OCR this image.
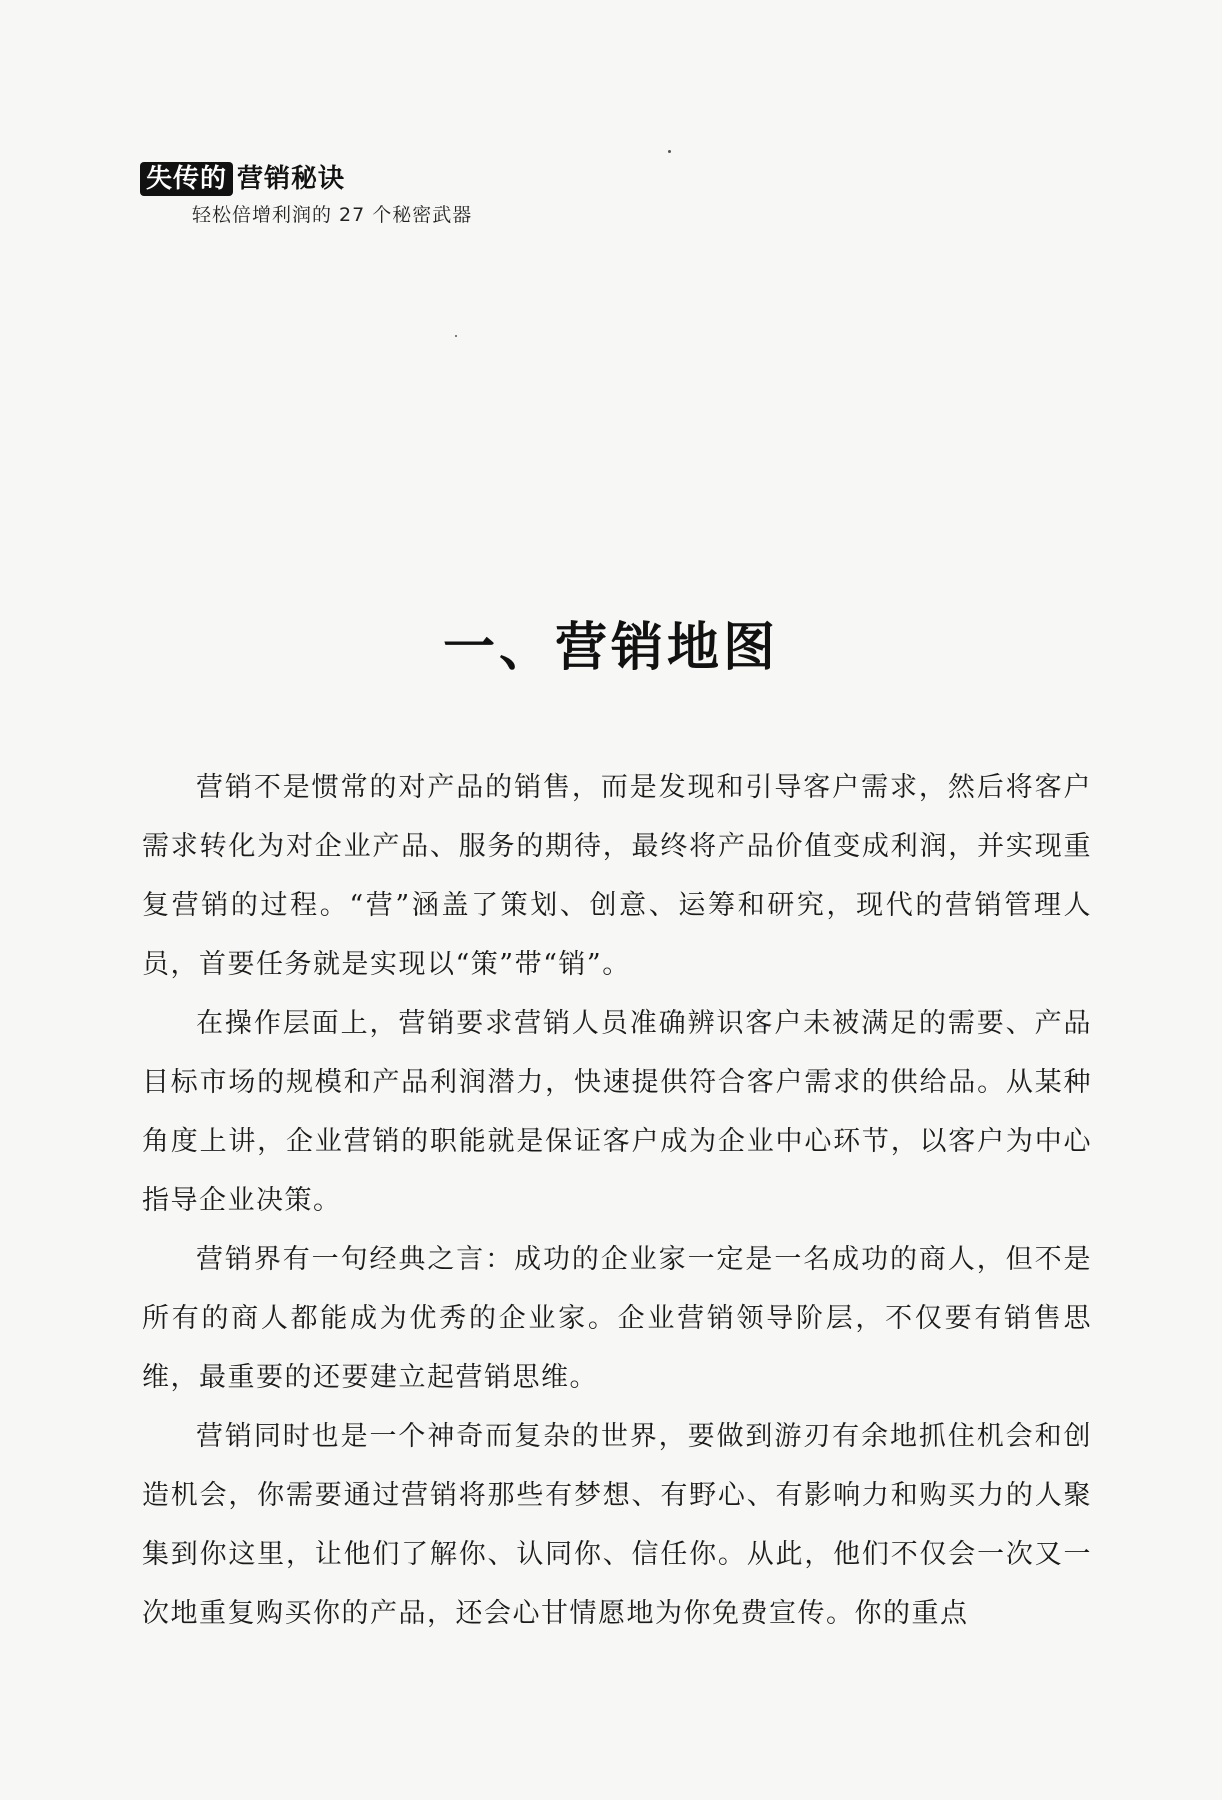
失传的 营销秘诀
轻松倍增利润的 27 个秘密武器
一、营销地图

营销不是惯常的对产品的销售，而是发现和引导客户需求，然后将客户需求转化为对企业产品、服务的期待，最终将产品价值变成利润，并实现重复营销的过程。“营”涵盖了策划、创意、运筹和研究，现代的营销管理人员，首要任务就是实现以“策”带“销”。

在操作层面上，营销要求营销人员准确辨识客户未被满足的需要、产品目标市场的规模和产品利润潜力，快速提供符合客户需求的供给品。从某种角度上讲，企业营销的职能就是保证客户成为企业中心环节，以客户为中心指导企业决策。

营销界有一句经典之言：成功的企业家一定是一名成功的商人，但不是所有的商人都能成为优秀的企业家。企业营销领导阶层，不仅要有销售思维，最重要的还要建立起营销思维。

营销同时也是一个神奇而复杂的世界，要做到游刃有余地抓住机会和创造机会，你需要通过营销将那些有梦想、有野心、有影响力和购买力的人聚集到你这里，让他们了解你、认同你、信任你。从此，他们不仅会一次又一次地重复购买你的产品，还会心甘情愿地为你免费宣传。你的重点
